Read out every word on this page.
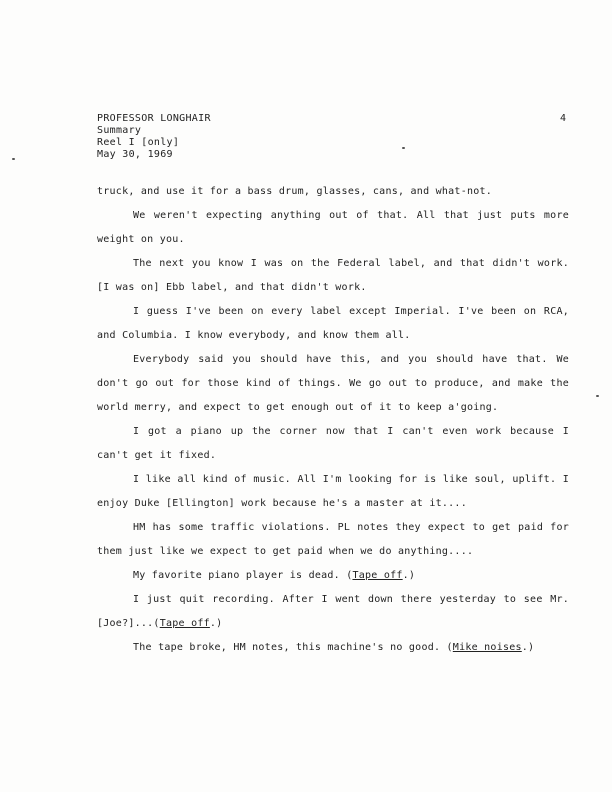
PROFESSOR LONGHAIR
Summary
Reel I [only]
May 30, 1969
4

truck, and use it for a bass drum, glasses, cans, and what-not.

We weren't expecting anything out of that. All that just puts more weight on you.

The next you know I was on the Federal label, and that didn't work. [I was on] Ebb label, and that didn't work.

I guess I've been on every label except Imperial. I've been on RCA, and Columbia. I know everybody, and know them all.

Everybody said you should have this, and you should have that. We don't go out for those kind of things. We go out to produce, and make the world merry, and expect to get enough out of it to keep a'going.

I got a piano up the corner now that I can't even work because I can't get it fixed.

I like all kind of music. All I'm looking for is like soul, uplift. I enjoy Duke [Ellington] work because he's a master at it....

HM has some traffic violations. PL notes they expect to get paid for them just like we expect to get paid when we do anything....

My favorite piano player is dead. (Tape off.)

I just quit recording. After I went down there yesterday to see Mr. [Joe?]...(Tape off.)

The tape broke, HM notes, this machine's no good. (Mike noises.)
